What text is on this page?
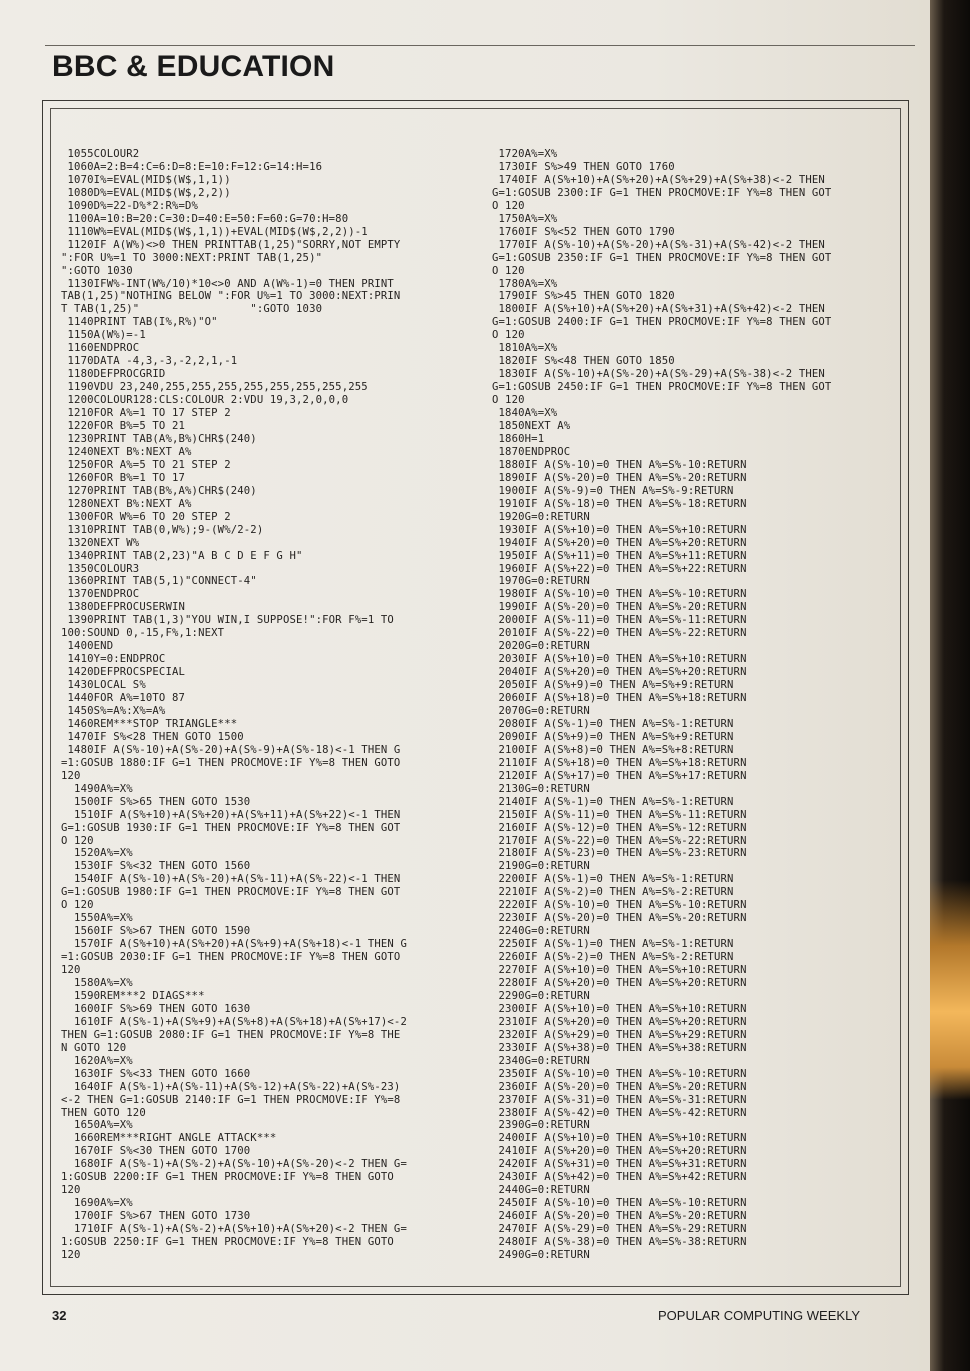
BBC & EDUCATION
1055COLOUR2
1060A=2:B=4:C=6:D=8:E=10:F=12:G=14:H=16
1070I%=EVAL(MID$(W$,1,1))
1080D%=EVAL(MID$(W$,2,2))
1090D%=22-D%*2:R%=D%
1100A=10:B=20:C=30:D=40:E=50:F=60:G=70:H=80
1110W%=EVAL(MID$(W$,1,1))+EVAL(MID$(W$,2,2))-1
1120IF A(W%)<>0 THEN PRINTTAB(1,25)"SORRY,NOT EMPTY
":FOR U%=1 TO 3000:NEXT:PRINT TAB(1,25)"
":GOTO 1030
1130IFW%-INT(W%/10)*10<>0 AND A(W%-1)=0 THEN PRINT
TAB(1,25)"NOTHING BELOW ":FOR U%=1 TO 3000:NEXT:PRIN
T TAB(1,25)"                 ":GOTO 1030
1140PRINT TAB(I%,R%)"O"
1150A(W%)=-1
1160ENDPROC
1170DATA -4,3,-3,-2,2,1,-1
1180DEFPROCGRID
1190VDU 23,240,255,255,255,255,255,255,255,255
1200COLOUR128:CLS:COLOUR 2:VDU 19,3,2,0,0,0
1210FOR A%=1 TO 17 STEP 2
1220FOR B%=5 TO 21
1230PRINT TAB(A%,B%)CHR$(240)
1240NEXT B%:NEXT A%
1250FOR A%=5 TO 21 STEP 2
1260FOR B%=1 TO 17
1270PRINT TAB(B%,A%)CHR$(240)
1280NEXT B%:NEXT A%
1300FOR W%=6 TO 20 STEP 2
1310PRINT TAB(0,W%);9-(W%/2-2)
1320NEXT W%
1340PRINT TAB(2,23)"A B C D E F G H"
1350COLOUR3
1360PRINT TAB(5,1)"CONNECT-4"
1370ENDPROC
1380DEFPROCUSERWIN
1390PRINT TAB(1,3)"YOU WIN,I SUPPOSE!":FOR F%=1 TO
100:SOUND 0,-15,F%,1:NEXT
1400END
1410Y=0:ENDPROC
1420DEFPROCSPECIAL
1430LOCAL S%
1440FOR A%=10TO 87
1450S%=A%:X%=A%
1460REM***STOP TRIANGLE***
1470IF S%<28 THEN GOTO 1500
1480IF A(S%-10)+A(S%-20)+A(S%-9)+A(S%-18)<-1 THEN G
=1:GOSUB 1880:IF G=1 THEN PROCMOVE:IF Y%=8 THEN GOTO
120
1490A%=X%
1500IF S%>65 THEN GOTO 1530
1510IF A(S%+10)+A(S%+20)+A(S%+11)+A(S%+22)<-1 THEN
G=1:GOSUB 1930:IF G=1 THEN PROCMOVE:IF Y%=8 THEN GOT
O 120
1520A%=X%
1530IF S%<32 THEN GOTO 1560
1540IF A(S%-10)+A(S%-20)+A(S%-11)+A(S%-22)<-1 THEN
G=1:GOSUB 1980:IF G=1 THEN PROCMOVE:IF Y%=8 THEN GOT
O 120
1550A%=X%
1560IF S%>67 THEN GOTO 1590
1570IF A(S%+10)+A(S%+20)+A(S%+9)+A(S%+18)<-1 THEN G
=1:GOSUB 2030:IF G=1 THEN PROCMOVE:IF Y%=8 THEN GOTO
120
1580A%=X%
1590REM***2 DIAGS***
1600IF S%>69 THEN GOTO 1630
1610IF A(S%-1)+A(S%+9)+A(S%+8)+A(S%+18)+A(S%+17)<-2
THEN G=1:GOSUB 2080:IF G=1 THEN PROCMOVE:IF Y%=8 THE
N GOTO 120
1620A%=X%
1630IF S%<33 THEN GOTO 1660
1640IF A(S%-1)+A(S%-11)+A(S%-12)+A(S%-22)+A(S%-23)
<-2 THEN G=1:GOSUB 2140:IF G=1 THEN PROCMOVE:IF Y%=8
THEN GOTO 120
1650A%=X%
1660REM***RIGHT ANGLE ATTACK***
1670IF S%<30 THEN GOTO 1700
1680IF A(S%-1)+A(S%-2)+A(S%-10)+A(S%-20)<-2 THEN G=
1:GOSUB 2200:IF G=1 THEN PROCMOVE:IF Y%=8 THEN GOTO
120
1690A%=X%
1700IF S%>67 THEN GOTO 1730
1710IF A(S%-1)+A(S%-2)+A(S%+10)+A(S%+20)<-2 THEN G=
1:GOSUB 2250:IF G=1 THEN PROCMOVE:IF Y%=8 THEN GOTO
120
1720A%=X%
1730IF S%>49 THEN GOTO 1760
1740IF A(S%+10)+A(S%+20)+A(S%+29)+A(S%+38)<-2 THEN
G=1:GOSUB 2300:IF G=1 THEN PROCMOVE:IF Y%=8 THEN GOT
O 120
1750A%=X%
1760IF S%<52 THEN GOTO 1790
1770IF A(S%-10)+A(S%-20)+A(S%-31)+A(S%-42)<-2 THEN
G=1:GOSUB 2350:IF G=1 THEN PROCMOVE:IF Y%=8 THEN GOT
O 120
1780A%=X%
1790IF S%>45 THEN GOTO 1820
1800IF A(S%+10)+A(S%+20)+A(S%+31)+A(S%+42)<-2 THEN
G=1:GOSUB 2400:IF G=1 THEN PROCMOVE:IF Y%=8 THEN GOT
O 120
1810A%=X%
1820IF S%<48 THEN GOTO 1850
1830IF A(S%-10)+A(S%-20)+A(S%-29)+A(S%-38)<-2 THEN
G=1:GOSUB 2450:IF G=1 THEN PROCMOVE:IF Y%=8 THEN GOT
O 120
1840A%=X%
1850NEXT A%
1860H=1
1870ENDPROC
1880IF A(S%-10)=0 THEN A%=S%-10:RETURN
1890IF A(S%-20)=0 THEN A%=S%-20:RETURN
1900IF A(S%-9)=0 THEN A%=S%-9:RETURN
1910IF A(S%-18)=0 THEN A%=S%-18:RETURN
1920G=0:RETURN
1930IF A(S%+10)=0 THEN A%=S%+10:RETURN
1940IF A(S%+20)=0 THEN A%=S%+20:RETURN
1950IF A(S%+11)=0 THEN A%=S%+11:RETURN
1960IF A(S%+22)=0 THEN A%=S%+22:RETURN
1970G=0:RETURN
1980IF A(S%-10)=0 THEN A%=S%-10:RETURN
1990IF A(S%-20)=0 THEN A%=S%-20:RETURN
2000IF A(S%-11)=0 THEN A%=S%-11:RETURN
2010IF A(S%-22)=0 THEN A%=S%-22:RETURN
2020G=0:RETURN
2030IF A(S%+10)=0 THEN A%=S%+10:RETURN
2040IF A(S%+20)=0 THEN A%=S%+20:RETURN
2050IF A(S%+9)=0 THEN A%=S%+9:RETURN
2060IF A(S%+18)=0 THEN A%=S%+18:RETURN
2070G=0:RETURN
2080IF A(S%-1)=0 THEN A%=S%-1:RETURN
2090IF A(S%+9)=0 THEN A%=S%+9:RETURN
2100IF A(S%+8)=0 THEN A%=S%+8:RETURN
2110IF A(S%+18)=0 THEN A%=S%+18:RETURN
2120IF A(S%+17)=0 THEN A%=S%+17:RETURN
2130G=0:RETURN
2140IF A(S%-1)=0 THEN A%=S%-1:RETURN
2150IF A(S%-11)=0 THEN A%=S%-11:RETURN
2160IF A(S%-12)=0 THEN A%=S%-12:RETURN
2170IF A(S%-22)=0 THEN A%=S%-22:RETURN
2180IF A(S%-23)=0 THEN A%=S%-23:RETURN
2190G=0:RETURN
2200IF A(S%-1)=0 THEN A%=S%-1:RETURN
2210IF A(S%-2)=0 THEN A%=S%-2:RETURN
2220IF A(S%-10)=0 THEN A%=S%-10:RETURN
2230IF A(S%-20)=0 THEN A%=S%-20:RETURN
2240G=0:RETURN
2250IF A(S%-1)=0 THEN A%=S%-1:RETURN
2260IF A(S%-2)=0 THEN A%=S%-2:RETURN
2270IF A(S%+10)=0 THEN A%=S%+10:RETURN
2280IF A(S%+20)=0 THEN A%=S%+20:RETURN
2290G=0:RETURN
2300IF A(S%+10)=0 THEN A%=S%+10:RETURN
2310IF A(S%+20)=0 THEN A%=S%+20:RETURN
2320IF A(S%+29)=0 THEN A%=S%+29:RETURN
2330IF A(S%+38)=0 THEN A%=S%+38:RETURN
2340G=0:RETURN
2350IF A(S%-10)=0 THEN A%=S%-10:RETURN
2360IF A(S%-20)=0 THEN A%=S%-20:RETURN
2370IF A(S%-31)=0 THEN A%=S%-31:RETURN
2380IF A(S%-42)=0 THEN A%=S%-42:RETURN
2390G=0:RETURN
2400IF A(S%+10)=0 THEN A%=S%+10:RETURN
2410IF A(S%+20)=0 THEN A%=S%+20:RETURN
2420IF A(S%+31)=0 THEN A%=S%+31:RETURN
2430IF A(S%+42)=0 THEN A%=S%+42:RETURN
2440G=0:RETURN
2450IF A(S%-10)=0 THEN A%=S%-10:RETURN
2460IF A(S%-20)=0 THEN A%=S%-20:RETURN
2470IF A(S%-29)=0 THEN A%=S%-29:RETURN
2480IF A(S%-38)=0 THEN A%=S%-38:RETURN
2490G=0:RETURN
32	POPULAR COMPUTING WEEKLY
